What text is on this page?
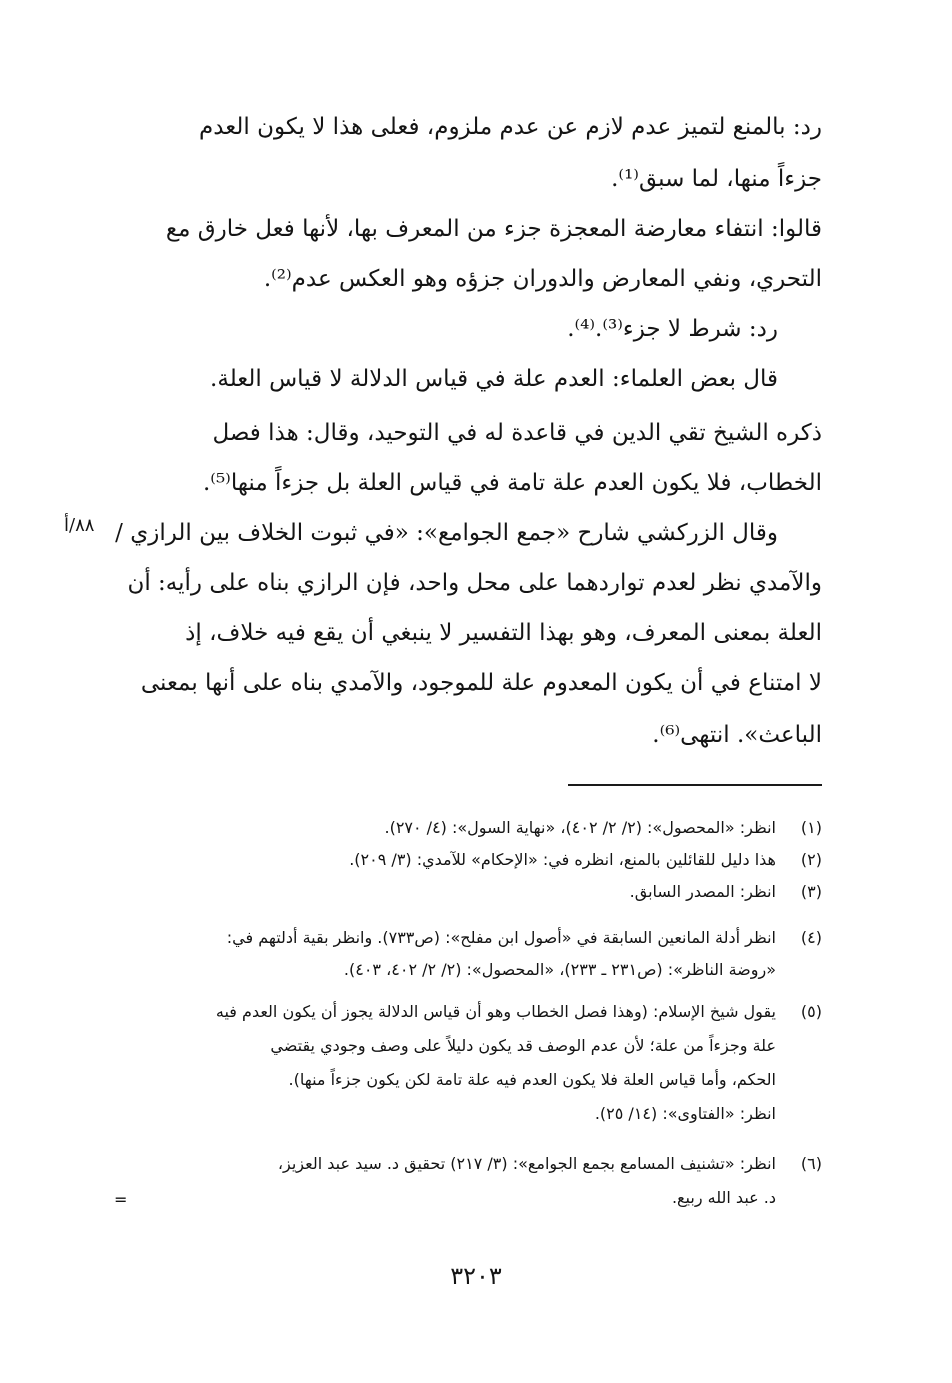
رد: بالمنع لتميز عدم لازم عن عدم ملزوم، فعلى هذا لا يكون العدم
جزءاً منها، لما سبق⁽¹⁾.
قالوا: انتفاء معارضة المعجزة جزء من المعرف بها، لأنها فعل خارق مع
التحري، ونفي المعارض والدوران جزؤه وهو العكس عدم⁽²⁾.
رد: شرط لا جزء⁽³⁾.⁽⁴⁾.
قال بعض العلماء: العدم علة في قياس الدلالة لا قياس العلة.
ذكره الشيخ تقي الدين في قاعدة له في التوحيد، وقال: هذا فصل
الخطاب، فلا يكون العدم علة تامة في قياس العلة بل جزءاً منها⁽⁵⁾.
وقال الزركشي شارح «جمع الجوامع»: «في ثبوت الخلاف بين الرازي /
والآمدي نظر لعدم تواردهما على محل واحد، فإن الرازي بناه على رأيه: أن
العلة بمعنى المعرف، وهو بهذا التفسير لا ينبغي أن يقع فيه خلاف، إذ
لا امتناع في أن يكون المعدوم علة للموجود، والآمدي بناه على أنها بمعنى
الباعث». انتهى⁽⁶⁾.
٨٨/أ
(١)انظر: «المحصول»: (٢/ ٢/ ٤٠٢)، «نهاية السول»: (٤/ ٢٧٠).
(٢)هذا دليل للقائلين بالمنع، انظره في: «الإحكام» للآمدي: (٣/ ٢٠٩).
(٣)انظر: المصدر السابق.
(٤)انظر أدلة المانعين السابقة في «أصول ابن مفلح»: (ص٧٣٣). وانظر بقية أدلتهم في:
«روضة الناظر»: (ص٢٣١ ـ ٢٣٣)، «المحصول»: (٢/ ٢/ ٤٠٢، ٤٠٣).
(٥)يقول شيخ الإسلام: (وهذا فصل الخطاب وهو أن قياس الدلالة يجوز أن يكون العدم فيه
علة وجزءاً من علة؛ لأن عدم الوصف قد يكون دليلاً على وصف وجودي يقتضي
الحكم، وأما قياس العلة فلا يكون العدم فيه علة تامة لكن يكون جزءاً منها).
انظر: «الفتاوى»: (١٤/ ٢٥).
(٦)انظر: «تشنيف المسامع بجمع الجوامع»: (٣/ ٢١٧) تحقيق د. سيد عبد العزيز،
د. عبد الله ربيع.
=
٣٢٠٣
